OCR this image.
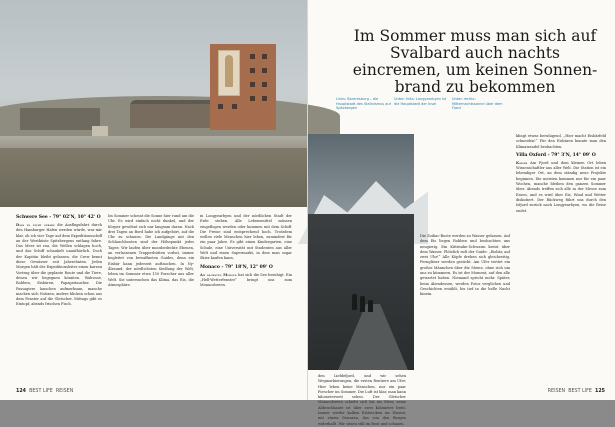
Links: Barentsburg – die Hauptstadt des Stalinismus auf Spitzbergen
Unten links: Longyearbyen ist die Hauptstadt der Insel
Unten rechts: Mitternachtssonne über dem Fjord
Im Sommer muss man sich auf Svalbard auch nachts eincremen, um keinen Sonnen-brand zu bekommen
Schwere See - 79° 02'N, 10° 42' O
Dass es nicht gerade die Ausflugsfahrt durch den Hamburger Hafen werden würde, war mir klar, ob ich vier Tage auf dem Expeditionsschiff an der Westküste Spitzbergens entlang fahre. Das Meer ist rau, die Wellen schlagen hoch, und das Schiff schaukelt unaufhörlich. Doch der Kapitän bleibt gelassen, die Crew kennt diese Gewässer seit Jahrzehnten. Jeden Morgen hält der Expeditionsleiter einen kurzen Vortrag über die geplante Route und die Tiere, denen wir begegnen könnten. Walrosse, Robben, Eisbären, Papageitaucher. Die Passagiere lauschen aufmerksam, manche machen sich Notizen, andere blicken schon aus dem Fenster auf die Gletscher. Mittags gibt es Eintopf, abends frischen Fisch.
Im Sommer scheint die Sonne hier rund um die Uhr. Es wird einfach nicht dunkel, und der Körper gewöhnt sich nur langsam daran. Nach drei Tagen an Bord habe ich aufgehört, auf die Uhr zu schauen. Die Landgänge mit den Schlauchbooten sind der Höhepunkt jedes Tages: Wir laufen über moosbedeckte Ebenen, an verlassenen Trapperhütten vorbei, immer begleitet von bewaffneten Guides, denn ein Eisbär kann jederzeit auftauchen. In Ny-Ålesund, der nördlichsten Siedlung der Welt, leben im Sommer etwa 150 Forscher aus aller Welt. Sie untersuchen das Klima, das Eis, die Atmosphäre.
in Longyearbyen und der nördlichen Stadt der Erde stehen. Alle Lebensmittel müssen eingeflogen werden oder kommen mit dem Schiff. Die Preise sind entsprechend hoch. Trotzdem wollen viele Menschen hier leben, zumindest für ein paar Jahre. Es gibt einen Kindergarten, eine Schule, eine Universität mit Studenten aus aller Welt und einen Supermarkt, in dem man sogar Skier kaufen kann.
Monaco - 79° 18'N, 12° 09' O
Am nächsten Morgen hat sich die See beruhigt. Ein „Hell-Wetterfenster“ bringt uns zum Monacobreen.
den Liefdefjord, und wir sehen Wegmarkierungen, die ersten Rentiere am Ufer. Hier leben keine Menschen, nur ein paar Forscher im Sommer. Die Luft ist klar, man kann kilometerweit sehen. Der Gletscher Monacobreen schiebt sich bis ins Meer, seine Abbruchkante ist über zwei Kilometer breit. Immer wieder kalben Eisbrocken ins Wasser, mit einem Donnern, das von den Bergen widerhallt. Wir sitzen still im Boot und schauen.
Die Zodiac-Boote werden zu Wasser gelassen. Auf dem Eis liegen Robben und beobachten uns neugierig. Ein Kittiwake-Schwarm kreist über dem Wasser. Plötzlich ruft der Guide: „Eisbär, auf zwei Uhr!“ Alle Köpfe drehen sich gleichzeitig, Ferngläser werden gezückt. Am Ufer trottet ein großes Männchen über die Steine, ohne sich um uns zu kümmern. Es ist der Moment, auf den alle gewartet haben. Niemand spricht mehr. Später, beim Abendessen, werden Fotos verglichen und Geschichten erzählt, bis tief in die helle Nacht hinein.
klingt etwas beruhigend, „Hier macht Eisbärfeld schneiden!“ Für den Eisbären konnte man den Klimawandel beobachten.
Villa Oxford - 79° 3'N, 14° 09' O
Kaiser Am Fjord und dem kleinen Ort leben Wissenschaftler aus aller Welt. Die Station ist ein lebendiger Ort, an dem ständig neue Projekte beginnen. Die meisten kommen nur für ein paar Wochen, manche bleiben den ganzen Sommer über. Abends treffen sich alle in der Messe zum Essen, und es wird über Eis, Wind und Wetter diskutiert. Der Rückweg führt uns durch den Isfjord zurück nach Longyearbyen, wo die Reise endet.
124 BEST LIFE REISEN	REISEN BEST LIFE 125
